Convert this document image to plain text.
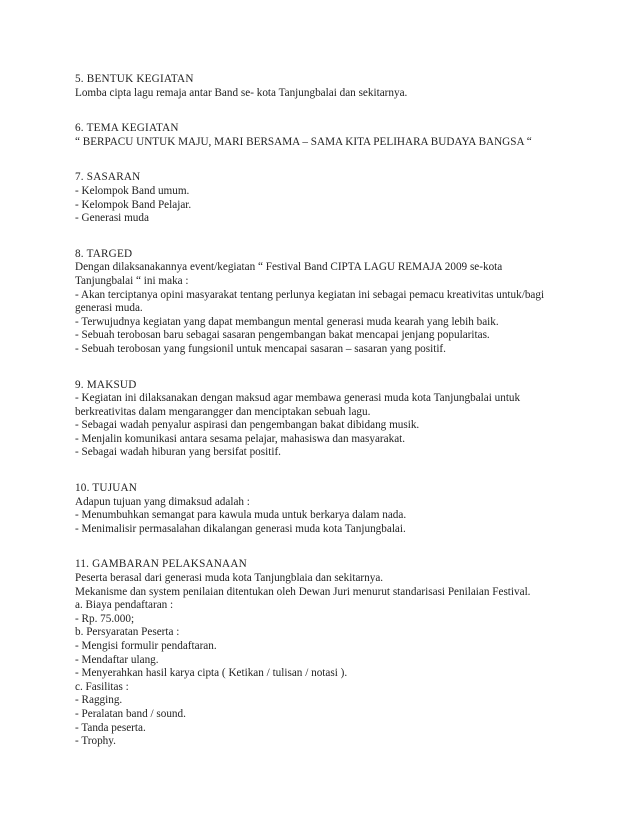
5. BENTUK KEGIATAN
Lomba cipta lagu remaja antar Band se- kota Tanjungbalai dan sekitarnya.
6. TEMA KEGIATAN
“ BERPACU UNTUK MAJU, MARI BERSAMA – SAMA KITA PELIHARA BUDAYA BANGSA “
7. SASARAN
- Kelompok Band umum.
- Kelompok Band Pelajar.
- Generasi muda
8. TARGED
Dengan dilaksanakannya event/kegiatan “ Festival Band CIPTA LAGU REMAJA 2009 se-kota
Tanjungbalai “ ini maka :
- Akan terciptanya opini masyarakat tentang perlunya kegiatan ini sebagai pemacu kreativitas untuk/bagi
generasi muda.
- Terwujudnya kegiatan yang dapat membangun mental generasi muda kearah yang lebih baik.
- Sebuah terobosan baru sebagai sasaran pengembangan bakat mencapai jenjang popularitas.
- Sebuah terobosan yang fungsionil untuk mencapai sasaran – sasaran yang positif.
9. MAKSUD
- Kegiatan ini dilaksanakan dengan maksud agar membawa generasi muda kota Tanjungbalai untuk
berkreativitas dalam mengarangger dan menciptakan sebuah lagu.
- Sebagai wadah penyalur aspirasi dan pengembangan bakat dibidang musik.
- Menjalin komunikasi antara sesama pelajar, mahasiswa dan masyarakat.
- Sebagai wadah hiburan yang bersifat positif.
10. TUJUAN
Adapun tujuan yang dimaksud adalah :
- Menumbuhkan semangat para kawula muda untuk berkarya dalam nada.
- Menimalisir permasalahan dikalangan generasi muda kota Tanjungbalai.
11. GAMBARAN PELAKSANAAN
Peserta berasal dari generasi muda kota Tanjungblaia dan sekitarnya.
Mekanisme dan system penilaian ditentukan oleh Dewan Juri menurut standarisasi Penilaian Festival.
a. Biaya pendaftaran :
- Rp. 75.000;
b. Persyaratan Peserta :
- Mengisi formulir pendaftaran.
- Mendaftar ulang.
- Menyerahkan hasil karya cipta ( Ketikan / tulisan / notasi ).
c. Fasilitas :
- Ragging.
- Peralatan band / sound.
- Tanda peserta.
- Trophy.
